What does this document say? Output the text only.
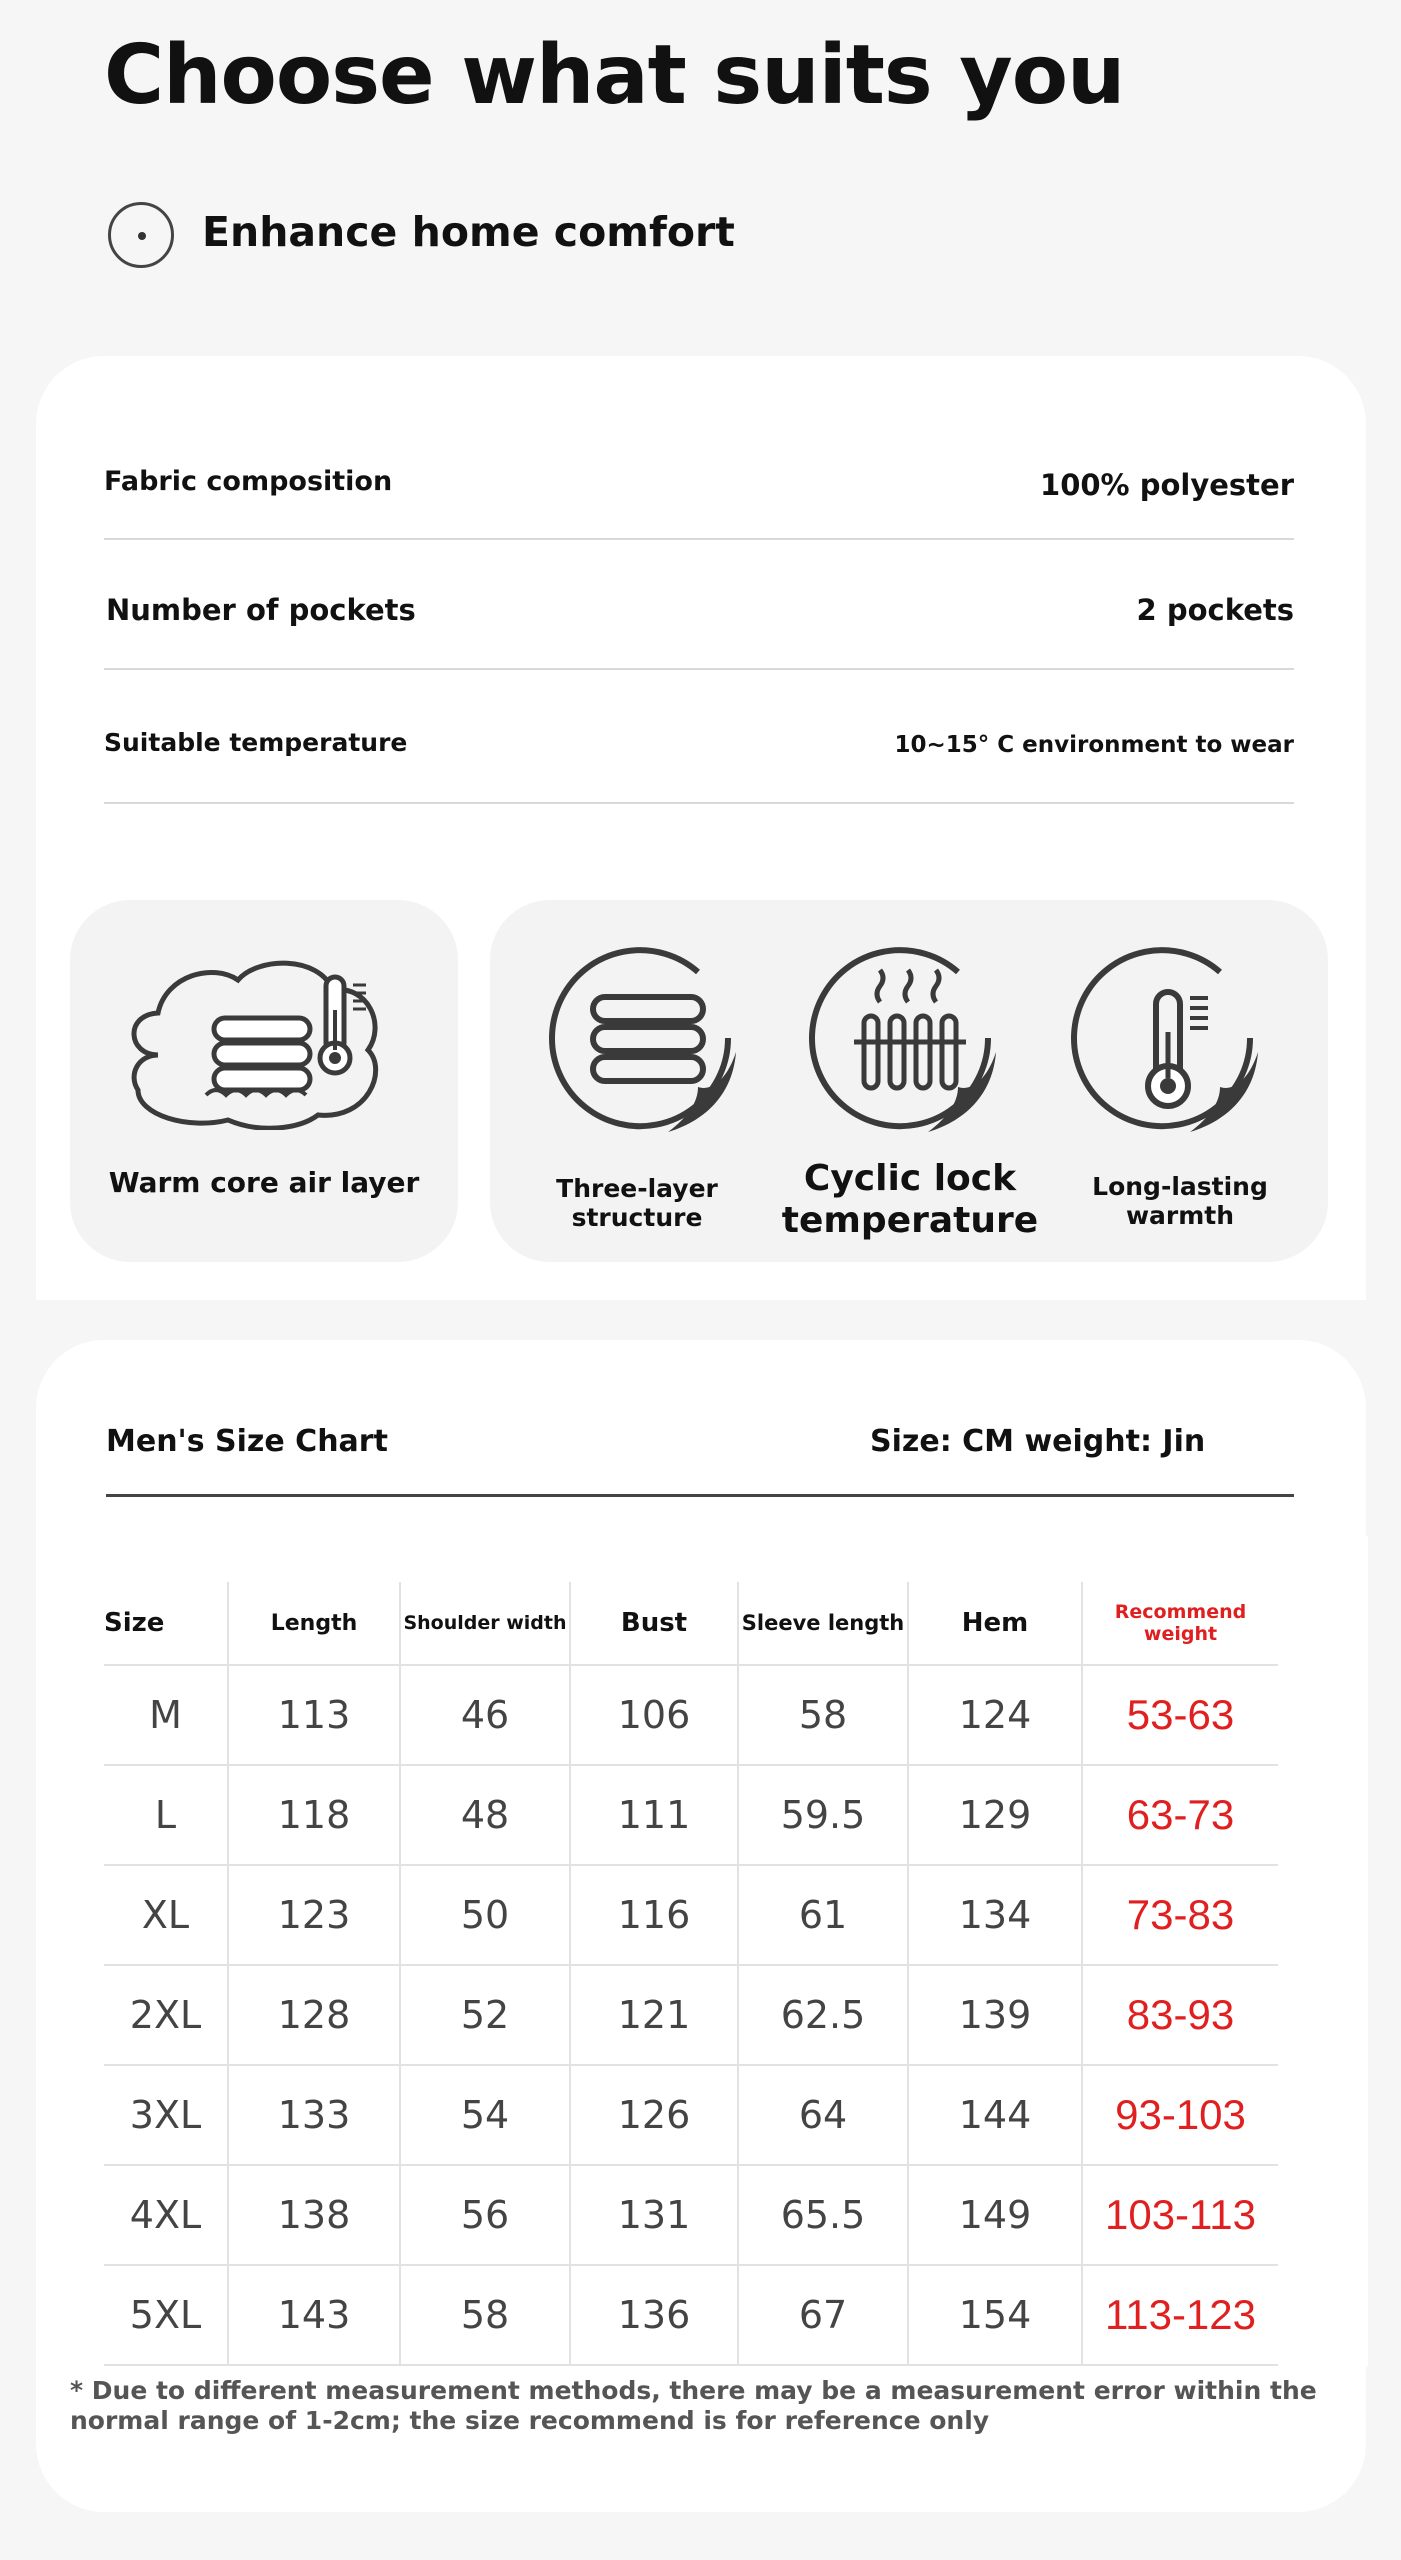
Choose what suits you
Enhance home comfort
Fabric composition	100% polyester
Number of pockets	2 pockets
Suitable temperature	10~15° C environment to wear
Warm core air layer	Three-layer structure
Cyclic lock temperature
Long-lasting warmth
Men's Size Chart	Size: CM weight: Jin
Size	Length	Shoulder width	Bust	Sleeve length	Hem	Recommend weight
M	113	46	106	58	124	53-63
L	118	48	111	59.5	129	63-73
XL	123	50	116	61	134	73-83
2XL	128	52	121	62.5	139	83-93
3XL	133	54	126	64	144	93-103
4XL	138	56	131	65.5	149	103-113
5XL	143	58	136	67	154	113-123
* Due to different measurement methods, there may be a measurement error within the normal range of 1-2cm; the size recommend is for reference only
